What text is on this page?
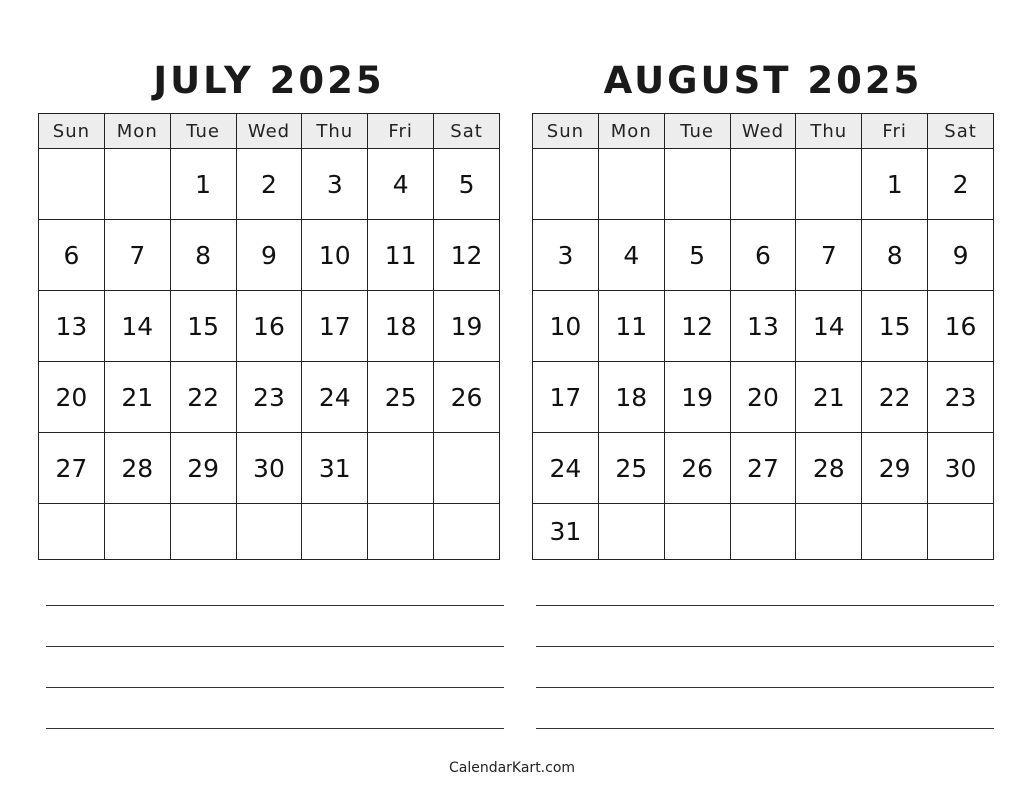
JULY 2025
Sun	Mon	Tue	Wed	Thu	Fri	Sat
		1	2	3	4	5
6	7	8	9	10	11	12
13	14	15	16	17	18	19
20	21	22	23	24	25	26
27	28	29	30	31		

AUGUST 2025
Sun	Mon	Tue	Wed	Thu	Fri	Sat
					1	2
3	4	5	6	7	8	9
10	11	12	13	14	15	16
17	18	19	20	21	22	23
24	25	26	27	28	29	30
31						
CalendarKart.com
